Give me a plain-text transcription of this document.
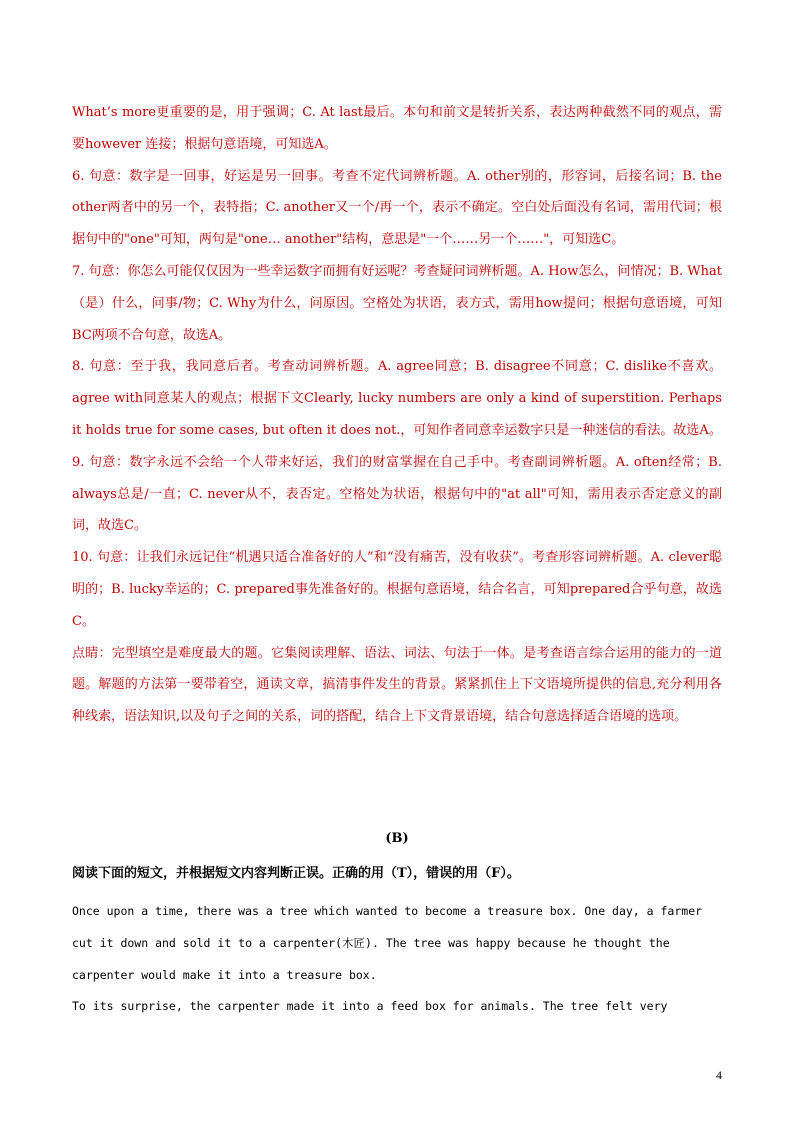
What’s more更重要的是，用于强调；C. At last最后。本句和前文是转折关系，表达两种截然不同的观点，需要however 连接；根据句意语境，可知选A。

6. 句意：数字是一回事，好运是另一回事。考查不定代词辨析题。A. other别的，形容词，后接名词；B. the other两者中的另一个，表特指；C. another又一个/再一个，表示不确定。空白处后面没有名词，需用代词；根据句中的"one"可知，两句是"one… another"结构，意思是"一个……另一个……"，可知选C。

7. 句意：你怎么可能仅仅因为一些幸运数字而拥有好运呢？考查疑问词辨析题。A. How怎么，问情况；B. What（是）什么，问事/物；C. Why为什么，问原因。空格处为状语，表方式，需用how提问；根据句意语境，可知BC两项不合句意，故选A。

8. 句意：至于我，我同意后者。考查动词辨析题。A. agree同意；B. disagree不同意；C. dislike不喜欢。agree with同意某人的观点；根据下文Clearly, lucky numbers are only a kind of superstition. Perhaps it holds true for some cases, but often it does not.，可知作者同意幸运数字只是一种迷信的看法。故选A。

9. 句意：数字永远不会给一个人带来好运，我们的财富掌握在自己手中。考查副词辨析题。A. often经常；B. always总是/一直；C. never从不，表否定。空格处为状语，根据句中的"at all"可知，需用表示否定意义的副词，故选C。

10. 句意：让我们永远记住“机遇只适合准备好的人”和“没有痛苦，没有收获”。考查形容词辨析题。A. clever聪明的；B. lucky幸运的；C. prepared事先准备好的。根据句意语境，结合名言，可知prepared合乎句意，故选C。

点睛：完型填空是难度最大的题。它集阅读理解、语法、词法、句法于一体。是考查语言综合运用的能力的一道题。解题的方法第一要带着空，通读文章，搞清事件发生的背景。紧紧抓住上下文语境所提供的信息,充分利用各种线索，语法知识,以及句子之间的关系，词的搭配，结合上下文背景语境，结合句意选择适合语境的选项。

(B)
阅读下面的短文，并根据短文内容判断正误。正确的用（T），错误的用（F）。

Once upon a time, there was a tree which wanted to become a treasure box. One day, a farmer cut it down and sold it to a carpenter(木匠). The tree was happy because he thought the carpenter would make it into a treasure box.

To its surprise, the carpenter made it into a feed box for animals. The tree felt very

4
